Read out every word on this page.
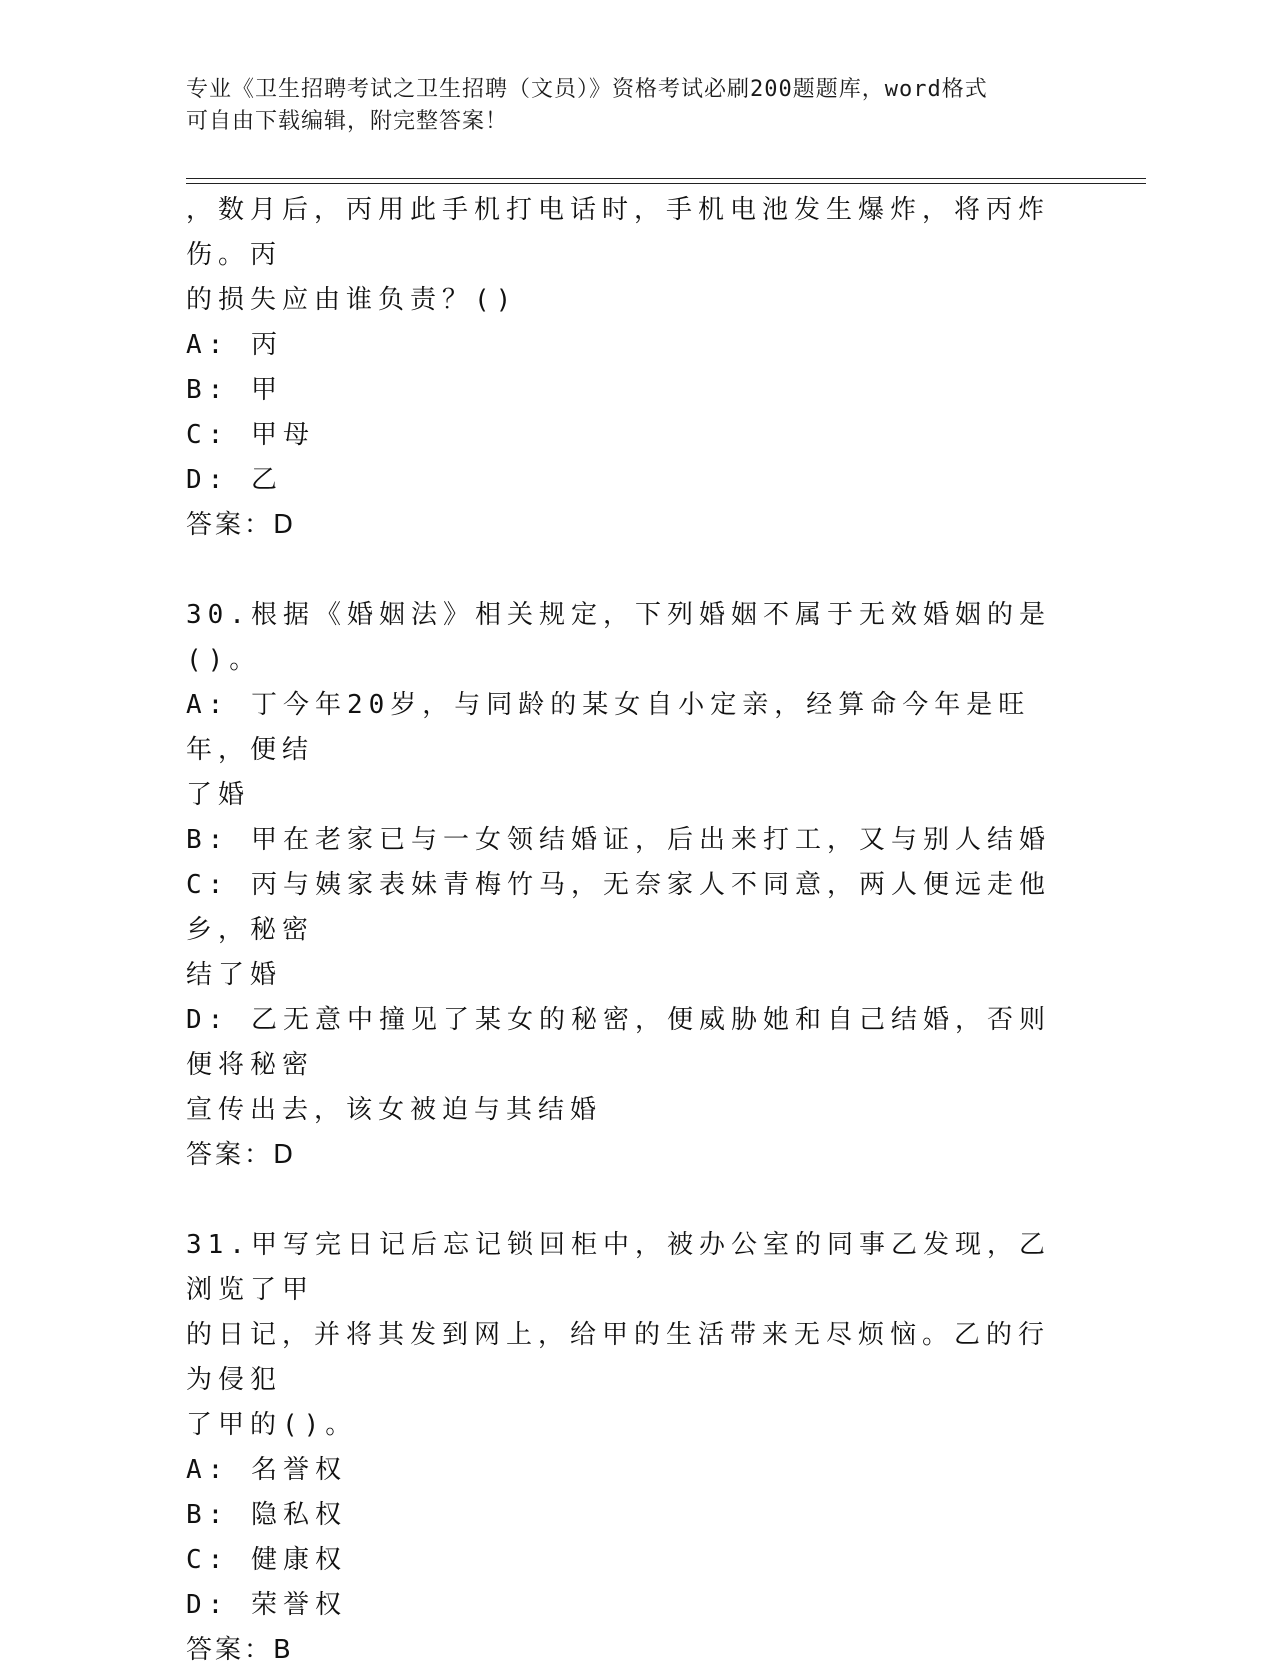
专业《卫生招聘考试之卫生招聘（文员）》资格考试必刷200题题库，word格式
可自由下载编辑，附完整答案！
，数月后，丙用此手机打电话时，手机电池发生爆炸，将丙炸伤。丙
的损失应由谁负责？()
A: 丙
B: 甲
C: 甲母
D: 乙
答案：D
30.根据《婚姻法》相关规定，下列婚姻不属于无效婚姻的是()。
A: 丁今年20岁，与同龄的某女自小定亲，经算命今年是旺年，便结
了婚
B: 甲在老家已与一女领结婚证，后出来打工，又与别人结婚
C: 丙与姨家表妹青梅竹马，无奈家人不同意，两人便远走他乡，秘密
结了婚
D: 乙无意中撞见了某女的秘密，便威胁她和自己结婚，否则便将秘密
宣传出去，该女被迫与其结婚
答案：D
31.甲写完日记后忘记锁回柜中，被办公室的同事乙发现，乙浏览了甲
的日记，并将其发到网上，给甲的生活带来无尽烦恼。乙的行为侵犯
了甲的()。
A: 名誉权
B: 隐私权
C: 健康权
D: 荣誉权
答案：B
